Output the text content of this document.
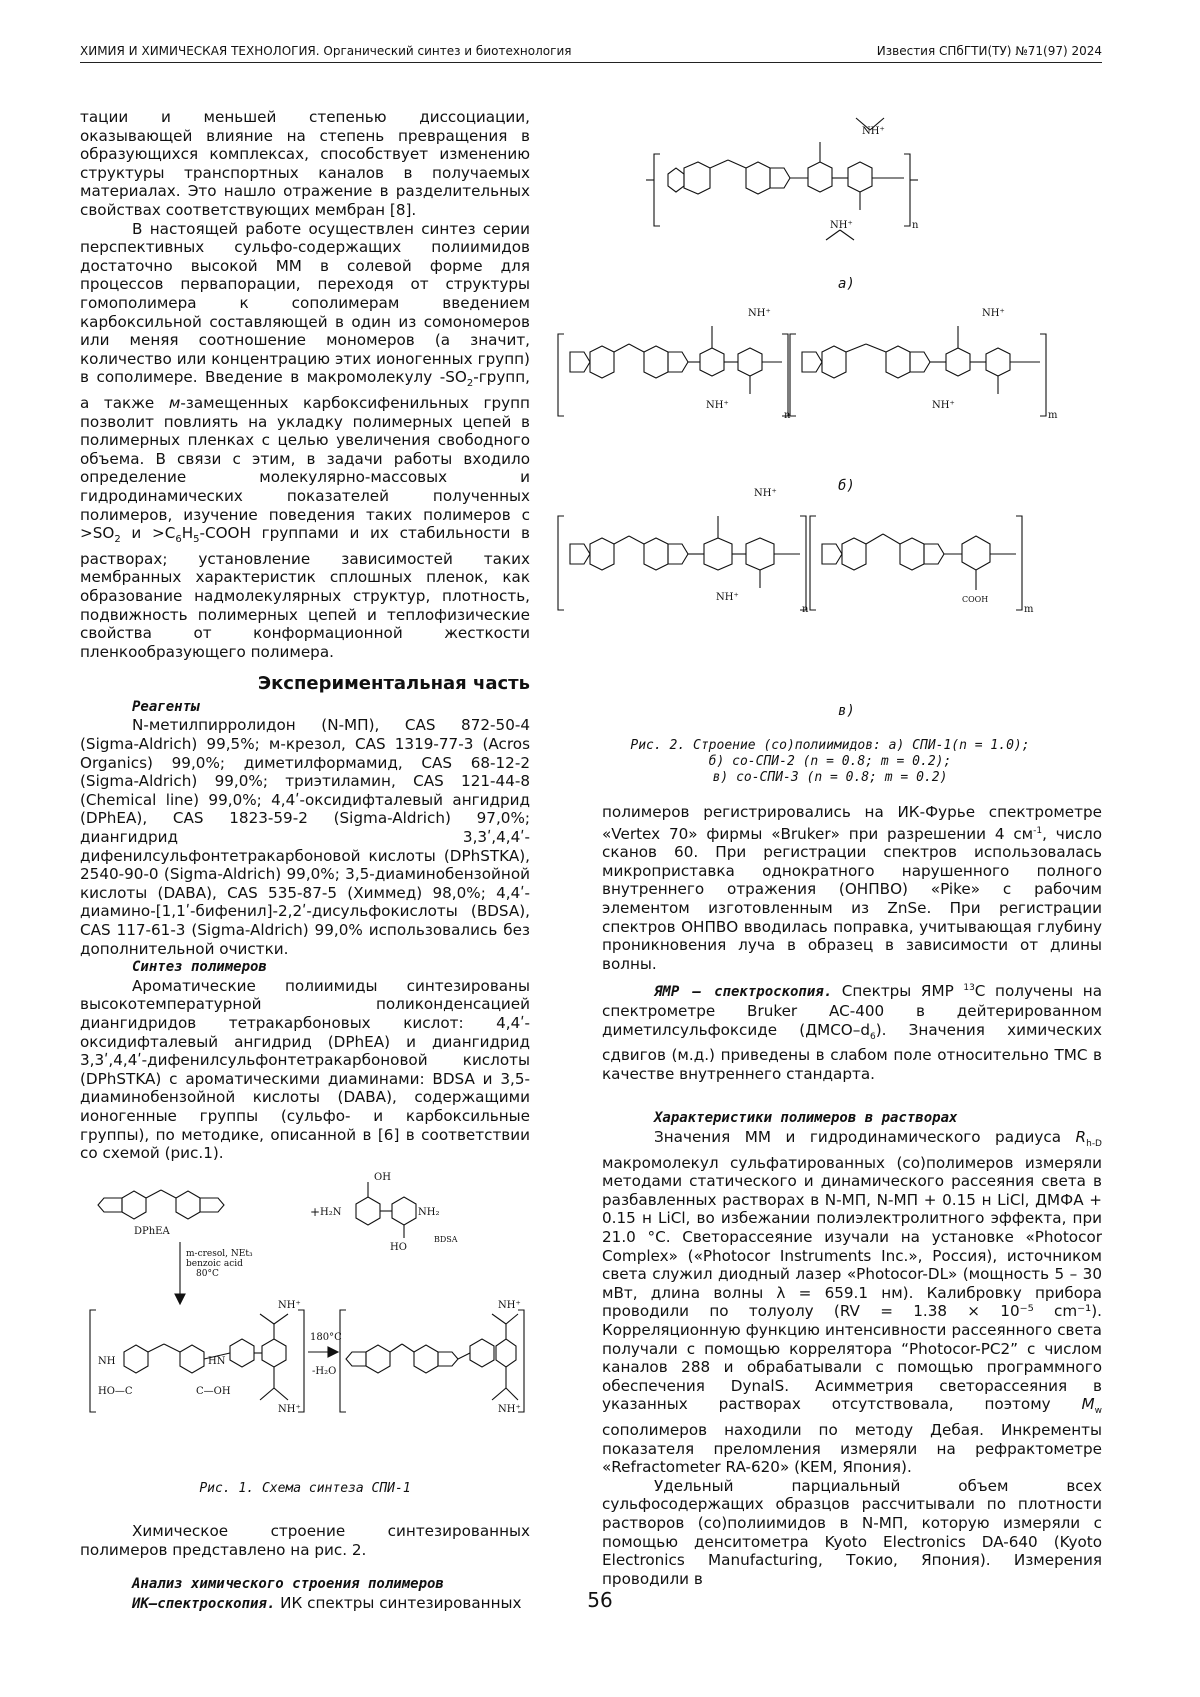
ХИМИЯ И ХИМИЧЕСКАЯ ТЕХНОЛОГИЯ. Органический синтез и биотехнология	Известия СПбГТИ(ТУ) №71(97) 2024

тации и меньшей степенью диссоциации, оказывающей влияние на степень превращения в образующихся комплексах, способствует изменению структуры транспортных каналов в получаемых материалах. Это нашло отражение в разделительных свойствах соответствующих мембран [8].

В настоящей работе осуществлен синтез серии перспективных сульфо-содержащих полиимидов достаточно высокой ММ в солевой форме для процессов первапорации, переходя от структуры гомополимера к сополимерам введением карбоксильной составляющей в один из сомономеров или меняя соотношение мономеров (а значит, количество или концентрацию этих ионогенных групп) в сополимере. Введение в макромолекулу -SO2-групп, а также м-замещенных карбоксифенильных групп позволит повлиять на укладку полимерных цепей в полимерных пленках с целью увеличения свободного объема. В связи с этим, в задачи работы входило определение молекулярно-массовых и гидродинамических показателей полученных полимеров, изучение поведения таких полимеров с >SO2 и >C6H5-COOH группами и их стабильности в растворах; установление зависимостей таких мембранных характеристик сплошных пленок, как образование надмолекулярных структур, плотность, подвижность полимерных цепей и теплофизические свойства от конформационной жесткости пленкообразующего полимера.

Экспериментальная часть

Реагенты

N-метилпирролидон (N-МП), CAS 872-50-4 (Sigma-Aldrich) 99,5%; м-крезол, CAS 1319-77-3 (Acros Organics) 99,0%; диметилформамид, CAS 68-12-2 (Sigma-Aldrich) 99,0%; триэтиламин, CAS 121-44-8 (Chemical line) 99,0%; 4,4ʹ-оксидифталевый ангидрид (DPhEA), CAS 1823-59-2 (Sigma-Aldrich) 97,0%; диангидрид 3,3ʹ,4,4ʹ-дифенилсульфонтетракарбоновой кислоты (DPhSTKA), 2540-90-0 (Sigma-Aldrich) 99,0%; 3,5-диаминобензойной кислоты (DABA), CAS 535-87-5 (Химмед) 98,0%; 4,4ʹ-диамино-[1,1ʹ-бифенил]-2,2ʹ-дисульфокислоты (BDSA), CAS 117-61-3 (Sigma-Aldrich) 99,0% использовались без дополнительной очистки.

Синтез полимеров

Ароматические полиимиды синтезированы высокотемпературной поликонденсацией диангидридов тетракарбоновых кислот: 4,4ʹ-оксидифталевый ангидрид (DPhEA) и диангидрид 3,3ʹ,4,4ʹ-дифенилсульфонтетракарбоновой кислоты (DPhSTKA) с ароматическими диаминами: BDSA и 3,5-диаминобензойной кислоты (DABA), содержащими ионогенные группы (сульфо- и карбоксильные группы), по методике, описанной в [6] в соответствии со схемой (рис.1).

DPhEA
+ H₂N	NH₂
OH
HO
BDSA
m-cresol, NEt₃
benzoic acid
80°C
180°C
-H₂O
NH	HN
HO—C	C—OH
NH⁺
NH⁺
NH⁺
NH⁺
Рис. 1. Схема синтеза СПИ-1

Химическое строение синтезированных полимеров представлено на рис. 2.

Анализ химического строения полимеров

ИК–спектроскопия. ИК спектры синтезированных

n
NH⁺
NH⁺
n	m
NH⁺
NH⁺
NH⁺
NH⁺
n	m
COOH
NH⁺
NH⁺
а)
б)
в)
Рис. 2. Строение (со)полиимидов: а) СПИ-1(n = 1.0);
б) со-СПИ-2 (n = 0.8; m = 0.2);
в) со-СПИ-3 (n = 0.8; m = 0.2)

полимеров регистрировались на ИК-Фурье спектрометре «Vertex 70» фирмы «Bruker» при разрешении 4 см-1, число сканов 60. При регистрации спектров использовалась микроприставка однократного нарушенного полного внутреннего отражения (ОНПВО) «Pike» с рабочим элементом изготовленным из ZnSe. При регистрации спектров ОНПВО вводилась поправка, учитывающая глубину проникновения луча в образец в зависимости от длины волны.

ЯМР – спектроскопия. Спектры ЯМР 13С получены на спектрометре Bruker AC-400 в дейтерированном диметилсульфоксиде (ДМСО–d6). Значения химических сдвигов (м.д.) приведены в слабом поле относительно ТМС в качестве внутреннего стандарта.

Характеристики полимеров в растворах

Значения ММ и гидродинамического радиуса Rh-D макромолекул сульфатированных (со)полимеров измеряли методами статического и динамического рассеяния света в разбавленных растворах в N-МП, N-МП + 0.15 н LiCl, ДМФА + 0.15 н LiCl, во избежании полиэлектролитного эффекта, при 21.0 °C. Светорассеяние изучали на установке «Photocor Complex» («Photocor Instruments Inc.», Россия), источником света служил диодный лазер «Photocor-DL» (мощность 5 – 30 мВт, длина волны λ = 659.1 нм). Калибровку прибора проводили по толуолу (RV = 1.38 × 10⁻⁵ cm⁻¹). Корреляционную функцию интенсивности рассеянного света получали с помощью коррелятора “Photocor-PC2” с числом каналов 288 и обрабатывали с помощью программного обеспечения DynalS. Асимметрия светорассеяния в указанных растворах отсутствовала, поэтому Mw сополимеров находили по методу Дебая. Инкременты показателя преломления измеряли на рефрактометре «Refractometer RA-620» (KEM, Япония).

Удельный парциальный объем всех сульфосодержащих образцов рассчитывали по плотности растворов (со)полиимидов в N-МП, которую измеряли с помощью денситометра Kyoto Electronics DA-640 (Kyoto Electronics Manufacturing, Токио, Япония). Измерения проводили в

56
